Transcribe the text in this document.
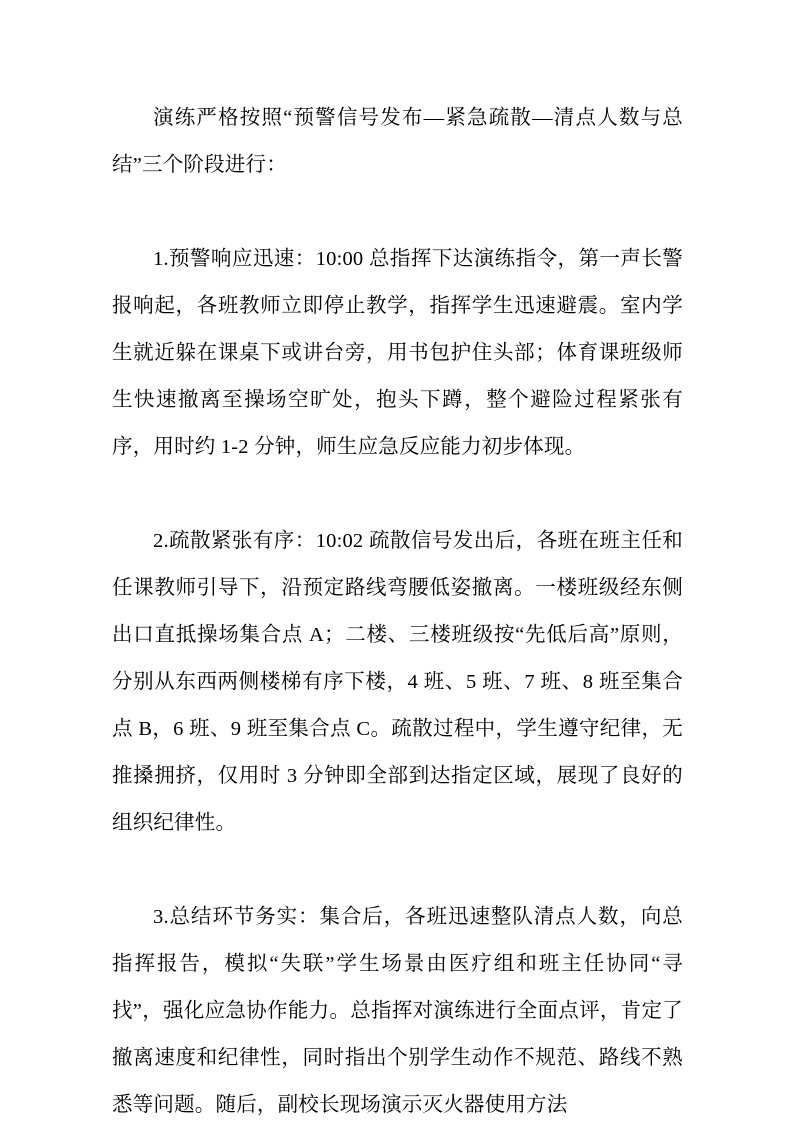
演练严格按照“预警信号发布—紧急疏散—清点人数与总结”三个阶段进行：

1.预警响应迅速：10:00 总指挥下达演练指令，第一声长警报响起，各班教师立即停止教学，指挥学生迅速避震。室内学生就近躲在课桌下或讲台旁，用书包护住头部；体育课班级师生快速撤离至操场空旷处，抱头下蹲，整个避险过程紧张有序，用时约 1-2 分钟，师生应急反应能力初步体现。

2.疏散紧张有序：10:02 疏散信号发出后，各班在班主任和任课教师引导下，沿预定路线弯腰低姿撤离。一楼班级经东侧出口直抵操场集合点 A；二楼、三楼班级按“先低后高”原则，分别从东西两侧楼梯有序下楼，4 班、5 班、7 班、8 班至集合点 B，6 班、9 班至集合点 C。疏散过程中，学生遵守纪律，无推搡拥挤，仅用时 3 分钟即全部到达指定区域，展现了良好的组织纪律性。

3.总结环节务实：集合后，各班迅速整队清点人数，向总指挥报告，模拟“失联”学生场景由医疗组和班主任协同“寻找”，强化应急协作能力。总指挥对演练进行全面点评，肯定了撤离速度和纪律性，同时指出个别学生动作不规范、路线不熟悉等问题。随后，副校长现场演示灭火器使用方法
